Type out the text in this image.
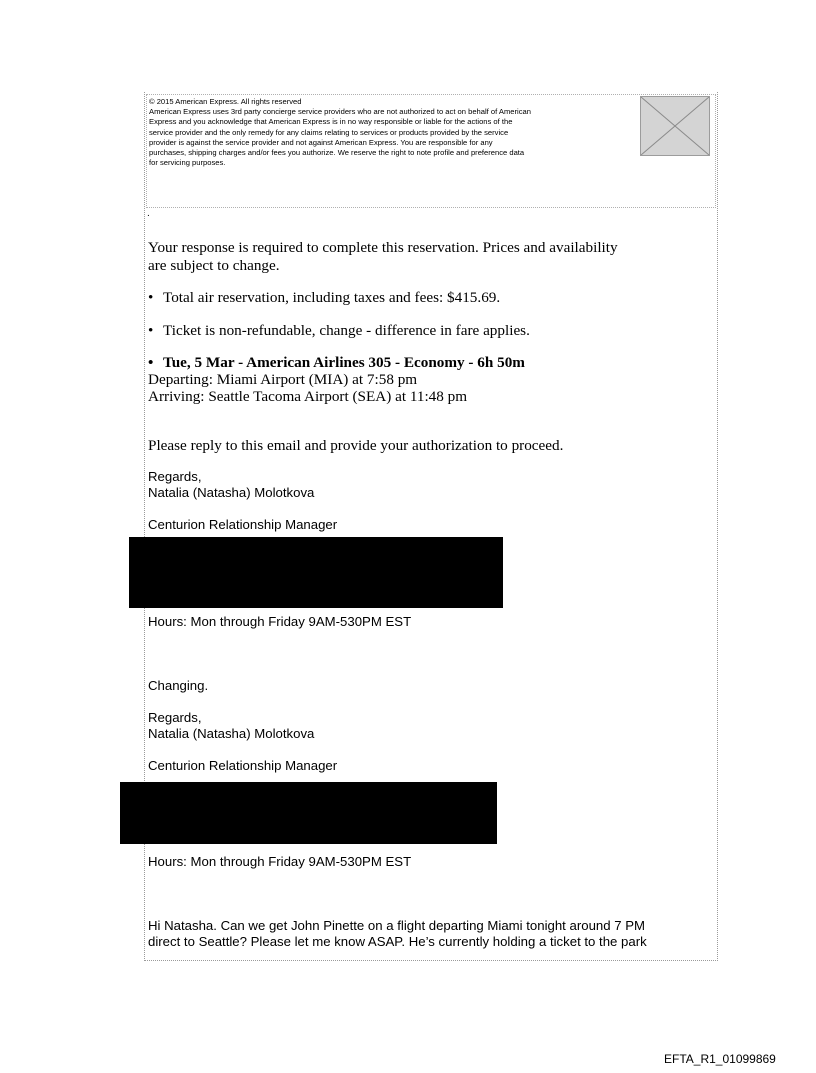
© 2015 American Express. All rights reserved

American Express uses 3rd party concierge service providers who are not authorized to act on behalf of American

Express and you acknowledge that American Express is in no way responsible or liable for the actions of the

service provider and the only remedy for any claims relating to services or products provided by the service

provider is against the service provider and not against American Express. You are responsible for any

purchases, shipping charges and/or fees you authorize. We reserve the right to note profile and preference data

for servicing purposes.

.
Your response is required to complete this reservation. Prices and availability
are subject to change.
• Total air reservation, including taxes and fees: $415.69.
• Ticket is non-refundable, change - difference in fare applies.
• Tue, 5 Mar - American Airlines 305 - Economy - 6h 50m
Departing: Miami Airport (MIA) at 7:58 pm
Arriving: Seattle Tacoma Airport (SEA) at 11:48 pm
Please reply to this email and provide your authorization to proceed.
Regards,
Natalia (Natasha) Molotkova
Centurion Relationship Manager
Hours: Mon through Friday 9AM-530PM EST
Changing.
Regards,
Natalia (Natasha) Molotkova
Centurion Relationship Manager
Hours: Mon through Friday 9AM-530PM EST
Hi Natasha. Can we get John Pinette on a flight departing Miami tonight around 7 PM
direct to Seattle? Please let me know ASAP. He’s currently holding a ticket to the park
EFTA_R1_01099869
